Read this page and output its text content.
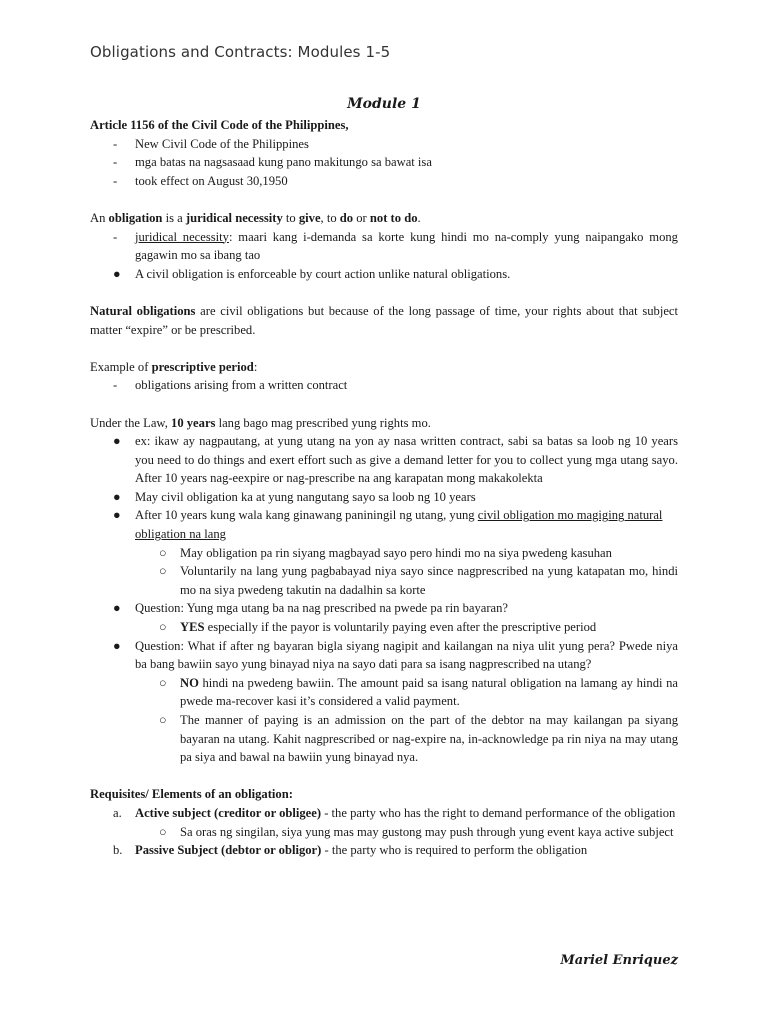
Obligations and Contracts: Modules 1-5
Module 1

Article 1156 of the Civil Code of the Philippines,

- New Civil Code of the Philippines

- mga batas na nagsasaad kung pano makitungo sa bawat isa

- took effect on August 30,1950

An obligation is a juridical necessity to give, to do or not to do.

- juridical necessity: maari kang i-demanda sa korte kung hindi mo na-comply yung naipangako mong gagawin mo sa ibang tao

● A civil obligation is enforceable by court action unlike natural obligations.

Natural obligations are civil obligations but because of the long passage of time, your rights about that subject matter “expire” or be prescribed.

Example of prescriptive period:

- obligations arising from a written contract

Under the Law, 10 years lang bago mag prescribed yung rights mo.

● ex: ikaw ay nagpautang, at yung utang na yon ay nasa written contract, sabi sa batas sa loob ng 10 years you need to do things and exert effort such as give a demand letter for you to collect yung mga utang sayo. After 10 years nag-eexpire or nag-prescribe na ang karapatan mong makakolekta

● May civil obligation ka at yung nangutang sayo sa loob ng 10 years

● After 10 years kung wala kang ginawang paniningil ng utang, yung civil obligation mo magiging natural obligation na lang

○ May obligation pa rin siyang magbayad sayo pero hindi mo na siya pwedeng kasuhan

○ Voluntarily na lang yung pagbabayad niya sayo since nagprescribed na yung katapatan mo, hindi mo na siya pwedeng takutin na dadalhin sa korte

● Question: Yung mga utang ba na nag prescribed na pwede pa rin bayaran?

○ YES especially if the payor is voluntarily paying even after the prescriptive period

● Question: What if after ng bayaran bigla siyang nagipit and kailangan na niya ulit yung pera? Pwede niya ba bang bawiin sayo yung binayad niya na sayo dati para sa isang nagprescribed na utang?

○ NO hindi na pwedeng bawiin. The amount paid sa isang natural obligation na lamang ay hindi na pwede ma-recover kasi it’s considered a valid payment.

○ The manner of paying is an admission on the part of the debtor na may kailangan pa siyang bayaran na utang. Kahit nagprescribed or nag-expire na, in-acknowledge pa rin niya na may utang pa siya and bawal na bawiin yung binayad nya.

Requisites/ Elements of an obligation:

a. Active subject (creditor or obligee) - the party who has the right to demand performance of the obligation

○ Sa oras ng singilan, siya yung mas may gustong may push through yung event kaya active subject

b. Passive Subject (debtor or obligor) - the party who is required to perform the obligation

Mariel Enriquez
